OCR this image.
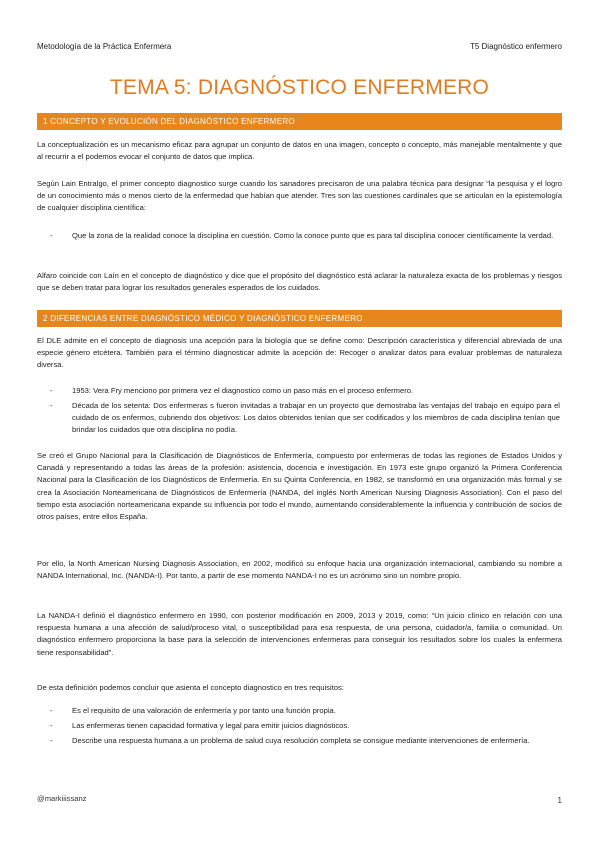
Metodología de la Práctica Enfermera	T5 Diagnóstico enfermero
TEMA 5: DIAGNÓSTICO ENFERMERO
1 CONCEPTO Y EVOLUCIÓN DEL DIAGNÓSTICO ENFERMERO

La conceptualización es un mecanismo eficaz para agrupar un conjunto de datos en una imagen, concepto o concepto, más manejable mentalmente y que al recurrir a el podemos evocar el conjunto de datos que implica.

Según Lain Entralgo, el primer concepto diagnostico surge cuando los sanadores precisaron de una palabra técnica para designar “la pesquisa y el logro de un conocimiento más o menos cierto de la enfermedad que habían que atender. Tres son las cuestiones cardinales que se articulan en la epistemología de cualquier disciplina científica:

-	Que la zona de la realidad conoce la disciplina en cuestión. Como la conoce punto que es para tal disciplina conocer científicamente la verdad.

Alfaro coincide con Laín en el concepto de diagnóstico y dice que el propósito del diagnóstico está aclarar la naturaleza exacta de los problemas y riesgos que se deben tratar para lograr los resultados generales esperados de los cuidados.

2 DIFERENCIAS ENTRE DIAGNÓSTICO MÉDICO Y DIAGNÓSTICO ENFERMERO

El DLE admite en el concepto de diagnosis una acepción para la biología que se define como: Descripción característica y diferencial abreviada de una especie género etcétera. También para el término diagnosticar admite la acepción de: Recoger o analizar datos para evaluar problemas de naturaleza diversa.

-	1953: Vera Fry menciono por primera vez el diagnostico como un paso más en el proceso enfermero.
-	Década de los setenta: Dos enfermeras s fueron invitadas a trabajar en un proyecto que demostraba las ventajas del trabajo en equipo para el cuidado de os enfermos, cubriendo dos objetivos: Los datos obtenidos tenían que ser codificados y los miembros de cada disciplina tenían que brindar los cuidados que otra disciplina no podía.

Se creó el Grupo Nacional para la Clasificación de Diagnósticos de Enfermería, compuesto por enfermeras de todas las regiones de Estados Unidos y Canadá y representando a todas las áreas de la profesión: asistencia, docencia e investigación. En 1973 este grupo organizó la Primera Conferencia Nacional para la Clasificación de los Diagnósticos de Enfermería. En su Quinta Conferencia, en 1982, se transformó en una organización más formal y se crea la Asociación Norteamericana de Diagnósticos de Enfermería (NANDA, del inglés North American Nursing Diagnosis Association). Con el paso del tiempo esta asociación norteamericana expande su influencia por todo el mundo, aumentando considerablemente la influencia y contribución de socios de otros países, entre ellos España.

Por ello, la North American Nursing Diagnosis Association, en 2002, modificó su enfoque hacia una organización internacional, cambiando su nombre a NANDA International, Inc. (NANDA-I). Por tanto, a partir de ese momento NANDA-I no es un acrónimo sino un nombre propio.

La NANDA-I definió el diagnóstico enfermero en 1990, con posterior modificación en 2009, 2013 y 2019, como: “Un juicio clínico en relación con una respuesta humana a una afección de salud/proceso vital, o susceptibilidad para esa respuesta, de una persona, cuidador/a, familia o comunidad. Un diagnóstico enfermero proporciona la base para la selección de intervenciones enfermeras para conseguir los resultados sobre los cuales la enfermera tiene responsabilidad”.

De esta definición podemos concluir que asienta el concepto diagnostico en tres requisitos:

-	Es el requisito de una valoración de enfermería y por tanto una función propia.
-	Las enfermeras tienen capacidad formativa y legal para emitir juicios diagnósticos.
-	Describe una respuesta humana a un problema de salud cuya resolución completa se consigue mediante intervenciones de enfermería.
@markiiissanz	1
